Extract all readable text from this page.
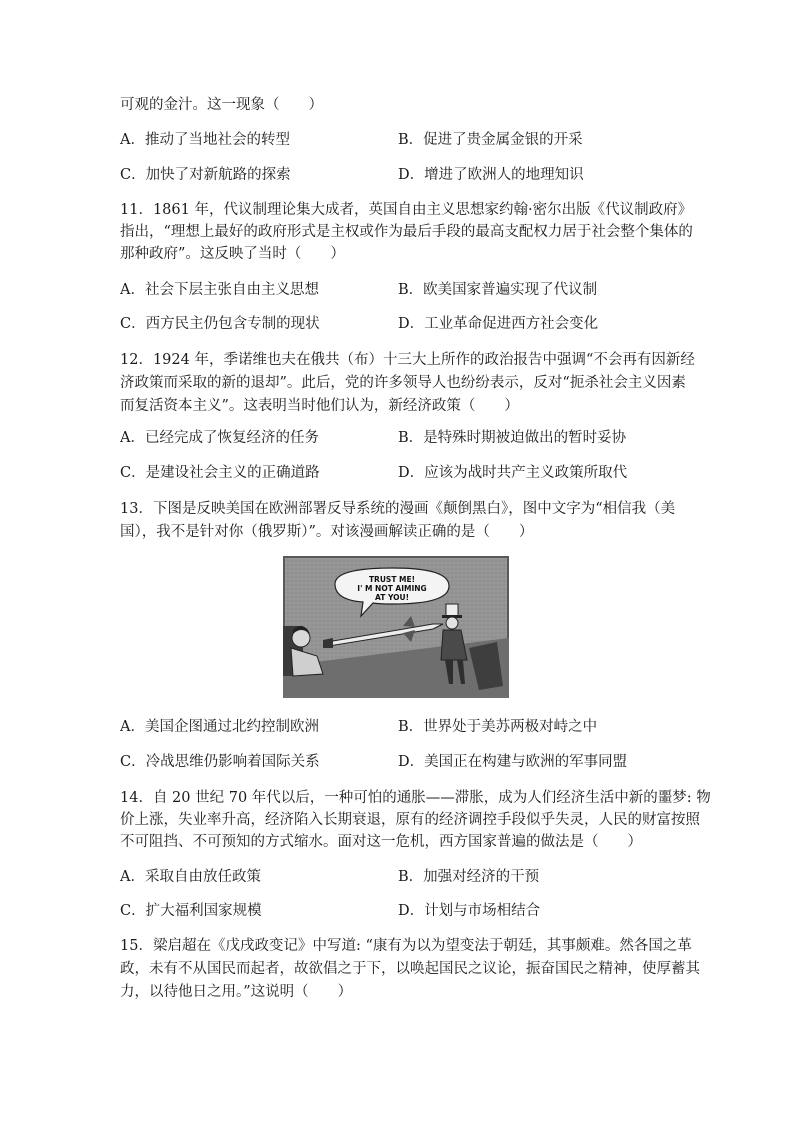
可观的金汁。这一现象（　　）
A．推动了当地社会的转型	B．促进了贵金属金银的开采
C．加快了对新航路的探索	D．增进了欧洲人的地理知识
11．1861 年，代议制理论集大成者，英国自由主义思想家约翰·密尔出版《代议制政府》
指出，“理想上最好的政府形式是主权或作为最后手段的最高支配权力居于社会整个集体的
那种政府”。这反映了当时（　　）
A．社会下层主张自由主义思想	B．欧美国家普遍实现了代议制
C．西方民主仍包含专制的现状	D．工业革命促进西方社会变化
12．1924 年，季诺维也夫在俄共（布）十三大上所作的政治报告中强调“不会再有因新经
济政策而采取的新的退却”。此后，党的许多领导人也纷纷表示，反对“扼杀社会主义因素
而复活资本主义”。这表明当时他们认为，新经济政策（　　）
A．已经完成了恢复经济的任务	B．是特殊时期被迫做出的暂时妥协
C．是建设社会主义的正确道路	D．应该为战时共产主义政策所取代
13．下图是反映美国在欧洲部署反导系统的漫画《颠倒黑白》，图中文字为“相信我（美
国），我不是针对你（俄罗斯）”。对该漫画解读正确的是（　　）
TRUST ME!
I' M NOT AIMING
AT YOU!
A．美国企图通过北约控制欧洲	B．世界处于美苏两极对峙之中
C．冷战思维仍影响着国际关系	D．美国正在构建与欧洲的军事同盟
14．自 20 世纪 70 年代以后，一种可怕的通胀——滞胀，成为人们经济生活中新的噩梦: 物
价上涨，失业率升高，经济陷入长期衰退，原有的经济调控手段似乎失灵，人民的财富按照
不可阻挡、不可预知的方式缩水。面对这一危机，西方国家普遍的做法是（　　）
A．采取自由放任政策	B．加强对经济的干预
C．扩大福利国家规模	D．计划与市场相结合
15．梁启超在《戊戌政变记》中写道: “康有为以为望变法于朝廷，其事颇难。然各国之革
政，未有不从国民而起者，故欲倡之于下，以唤起国民之议论，振奋国民之精神，使厚蓄其
力，以待他日之用。”这说明（　　）
